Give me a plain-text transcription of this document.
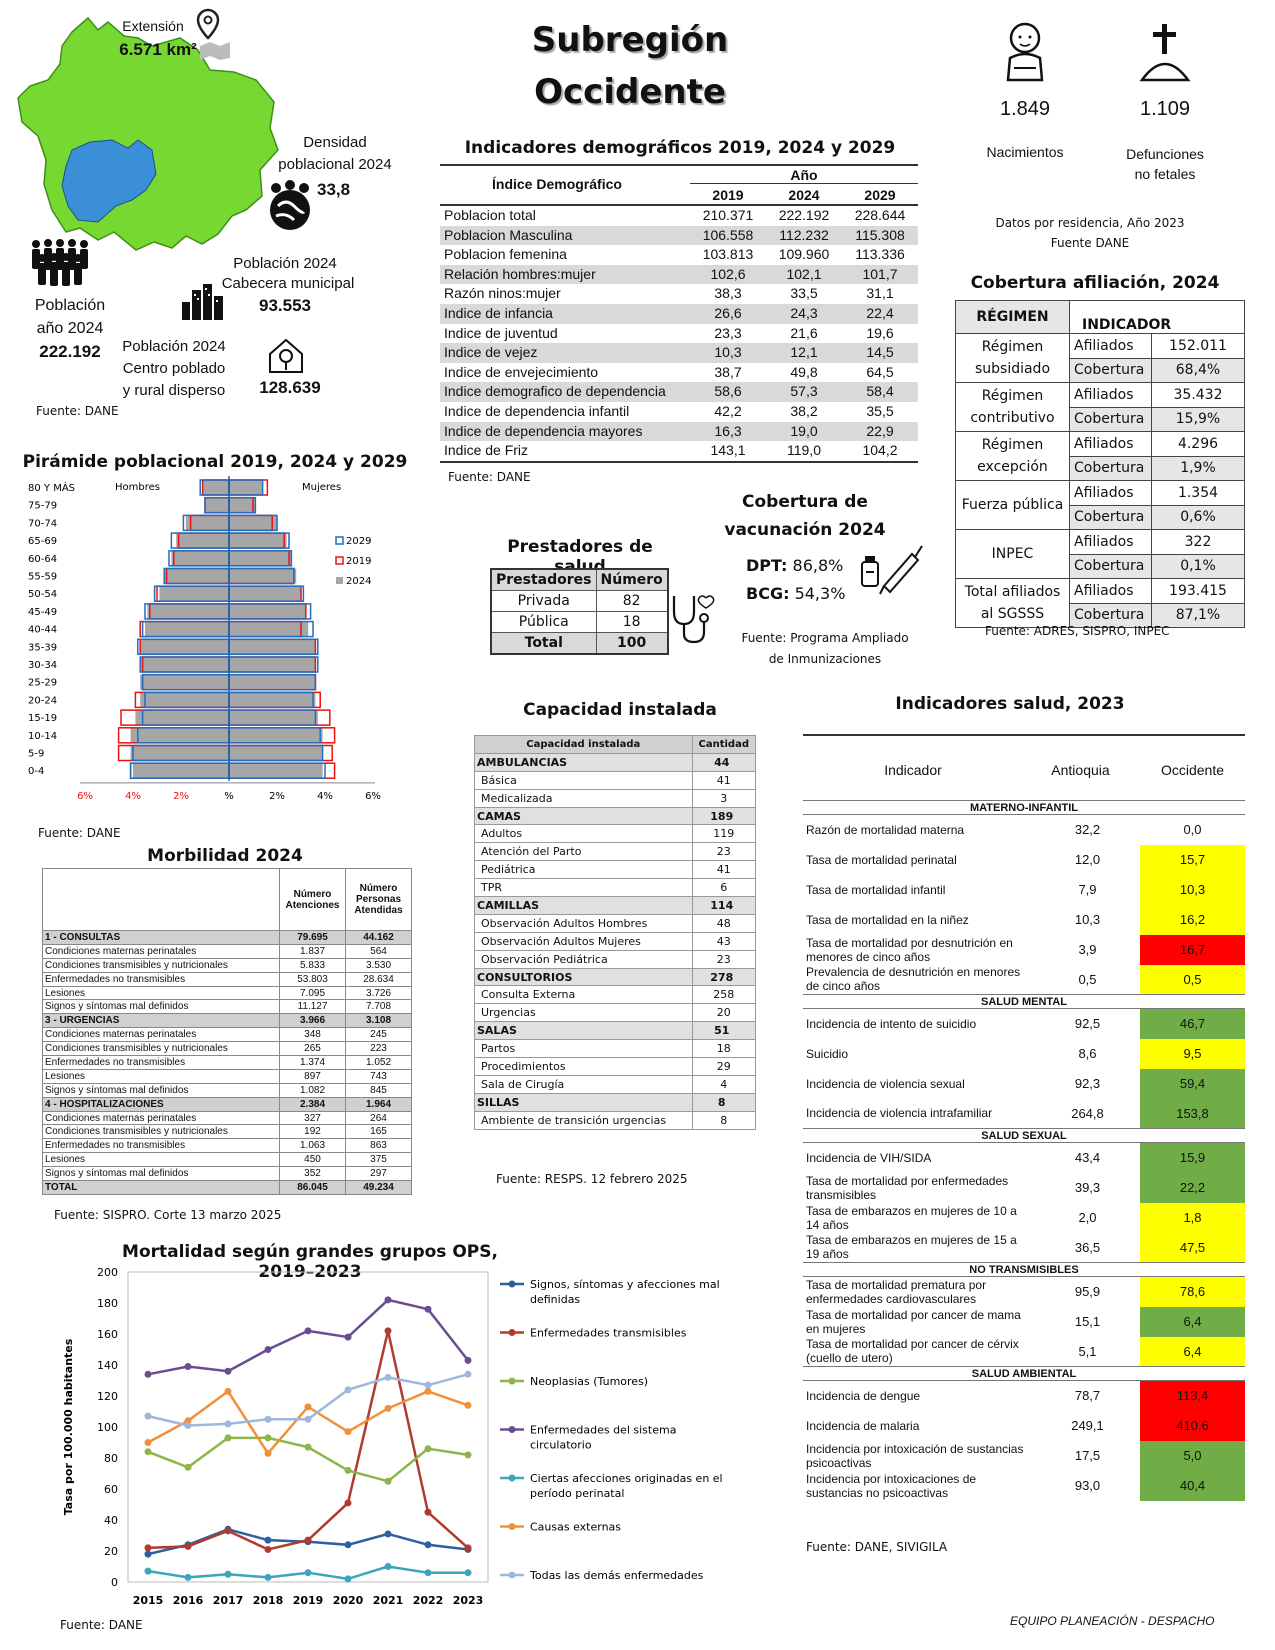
Extensión
6.571 km²
Densidad
poblacional 2024
33,8
Población
año 2024
222.192
Población 2024
Cabecera municipal
93.553
Población 2024
Centro poblado
y rural disperso	128.639
Fuente: DANE
Subregión
Occidente	1.849	1.109
Nacimientos	Defunciones
no fetales
Datos por residencia, Año 2023
Fuente DANE
Indicadores demográficos 2019, 2024 y 2029
Índice Demográfico
Año
2019	2024	2029
Poblacion total	210.371	222.192	228.644
Poblacion Masculina	106.558	112.232	115.308
Poblacion femenina	103.813	109.960	113.336
Relación hombres:mujer	102,6	102,1	101,7
Razón ninos:mujer	38,3	33,5	31,1
Indice de infancia	26,6	24,3	22,4
Indice de juventud	23,3	21,6	19,6
Indice de vejez	10,3	12,1	14,5
Indice de envejecimiento	38,7	49,8	64,5
Indice demografico de dependencia	58,6	57,3	58,4
Indice de dependencia infantil	42,2	38,2	35,5
Indice de dependencia mayores	16,3	19,0	22,9
Indice de Friz	143,1	119,0	104,2
Fuente: DANE
Cobertura afiliación, 2024
RÉGIMEN	INDICADOR	

Régimen
subsidiado	Afiliados	152.011
	Cobertura	68,4%

Régimen
contributivo	Afiliados	35.432
	Cobertura	15,9%

Régimen
excepción	Afiliados	4.296
	Cobertura	1,9%

Fuerza pública	Afiliados	1.354
	Cobertura	0,6%

INPEC	Afiliados	322
	Cobertura	0,1%

Total afiliados
al SGSSS	Afiliados	193.415
	Cobertura	87,1%
Fuente: ADRES, SISPRO, INPEC
Pirámide poblacional 2019, 2024 y 2029
80 Y MÁS
75-79
70-74
65-69
60-64
55-59
50-54
45-49
40-44
35-39
30-34
25-29
20-24
15-19
10-14
5-9
0-4
Hombres	Mujeres
6%	4%	2%	%	2%	4%	6%
2029
2019
2024
Fuente: DANE
Prestadores de salud
Prestadores	Número
Privada	82
Pública	18
Total	100
Cobertura de
vacunación 2024
DPT: 86,8%
BCG: 54,3%
Fuente: Programa Ampliado
de Inmunizaciones
Capacidad instalada
Capacidad instalada	Cantidad
AMBULANCIAS	44
Básica	41
Medicalizada	3
CAMAS	189
Adultos	119
Atención del Parto	23
Pediátrica	41
TPR	6
CAMILLAS	114
Observación Adultos Hombres	48
Observación Adultos Mujeres	43
Observación Pediátrica	23
CONSULTORIOS	278
Consulta Externa	258
Urgencias	20
SALAS	51
Partos	18
Procedimientos	29
Sala de Cirugía	4
SILLAS	8
Ambiente de transición urgencias	8
Fuente: RESPS. 12 febrero 2025
Morbilidad 2024
	Número Atenciones	Número Personas Atendidas
1 - CONSULTAS	79.695	44.162
Condiciones maternas perinatales	1.837	564
Condiciones transmisibles y nutricionales	5.833	3.530
Enfermedades no transmisibles	53.803	28.634
Lesiones	7.095	3.726
Signos y síntomas mal definidos	11.127	7.708
3 - URGENCIAS	3.966	3.108
Condiciones maternas perinatales	348	245
Condiciones transmisibles y nutricionales	265	223
Enfermedades no transmisibles	1.374	1.052
Lesiones	897	743
Signos y síntomas mal definidos	1.082	845
4 - HOSPITALIZACIONES	2.384	1.964
Condiciones maternas perinatales	327	264
Condiciones transmisibles y nutricionales	192	165
Enfermedades no transmisibles	1.063	863
Lesiones	450	375
Signos y síntomas mal definidos	352	297
TOTAL	86.045	49.234
Fuente: SISPRO. Corte 13 marzo 2025
Indicadores salud, 2023
Indicador	Antioquia	Occidente
MATERNO-INFANTIL		
Razón de mortalidad materna	32,2	0,0
Tasa de mortalidad perinatal	12,0	15,7
Tasa de mortalidad infantil	7,9	10,3
Tasa de mortalidad en la niñez	10,3	16,2
Tasa de mortalidad por desnutrición en menores de cinco años	3,9	16,7
Prevalencia de desnutrición en menores de cinco años	0,5	0,5
SALUD MENTAL		
Incidencia de intento de suicidio	92,5	46,7
Suicidio	8,6	9,5
Incidencia de violencia sexual	92,3	59,4
Incidencia de violencia intrafamiliar	264,8	153,8
SALUD SEXUAL		
Incidencia de VIH/SIDA	43,4	15,9
Tasa de mortalidad por enfermedades transmisibles	39,3	22,2
Tasa de embarazos en mujeres de 10 a 14 años	2,0	1,8
Tasa de embarazos en mujeres de 15 a 19 años	36,5	47,5
NO TRANSMISIBLES		
Tasa de mortalidad prematura por enfermedades cardiovasculares	95,9	78,6
Tasa de mortalidad por cancer de mama en mujeres	15,1	6,4
Tasa de mortalidad por cancer de cérvix (cuello de utero)	5,1	6,4
SALUD AMBIENTAL		
Incidencia de dengue	78,7	113,4
Incidencia de malaria	249,1	410,6
Incidencia por intoxicación de sustancias psicoactivas	17,5	5,0
Incidencia por intoxicaciones de sustancias no psicoactivas	93,0	40,4
Fuente: DANE, SIVIGILA
Mortalidad según grandes grupos OPS, 2019–2023
0
20
40
60
80
100
120
140
160
180
200
2015 2016 2017 2018 2019 2020 2021 2022 2023
Tasa por 100.000 habitantes
Signos, síntomas y afecciones mal
definidas
Enfermedades transmisibles
Neoplasias (Tumores)
Enfermedades del sistema
circulatorio
Ciertas afecciones originadas en el
período perinatal
Causas externas
Todas las demás enfermedades
Fuente: DANE	EQUIPO PLANEACIÓN - DESPACHO
